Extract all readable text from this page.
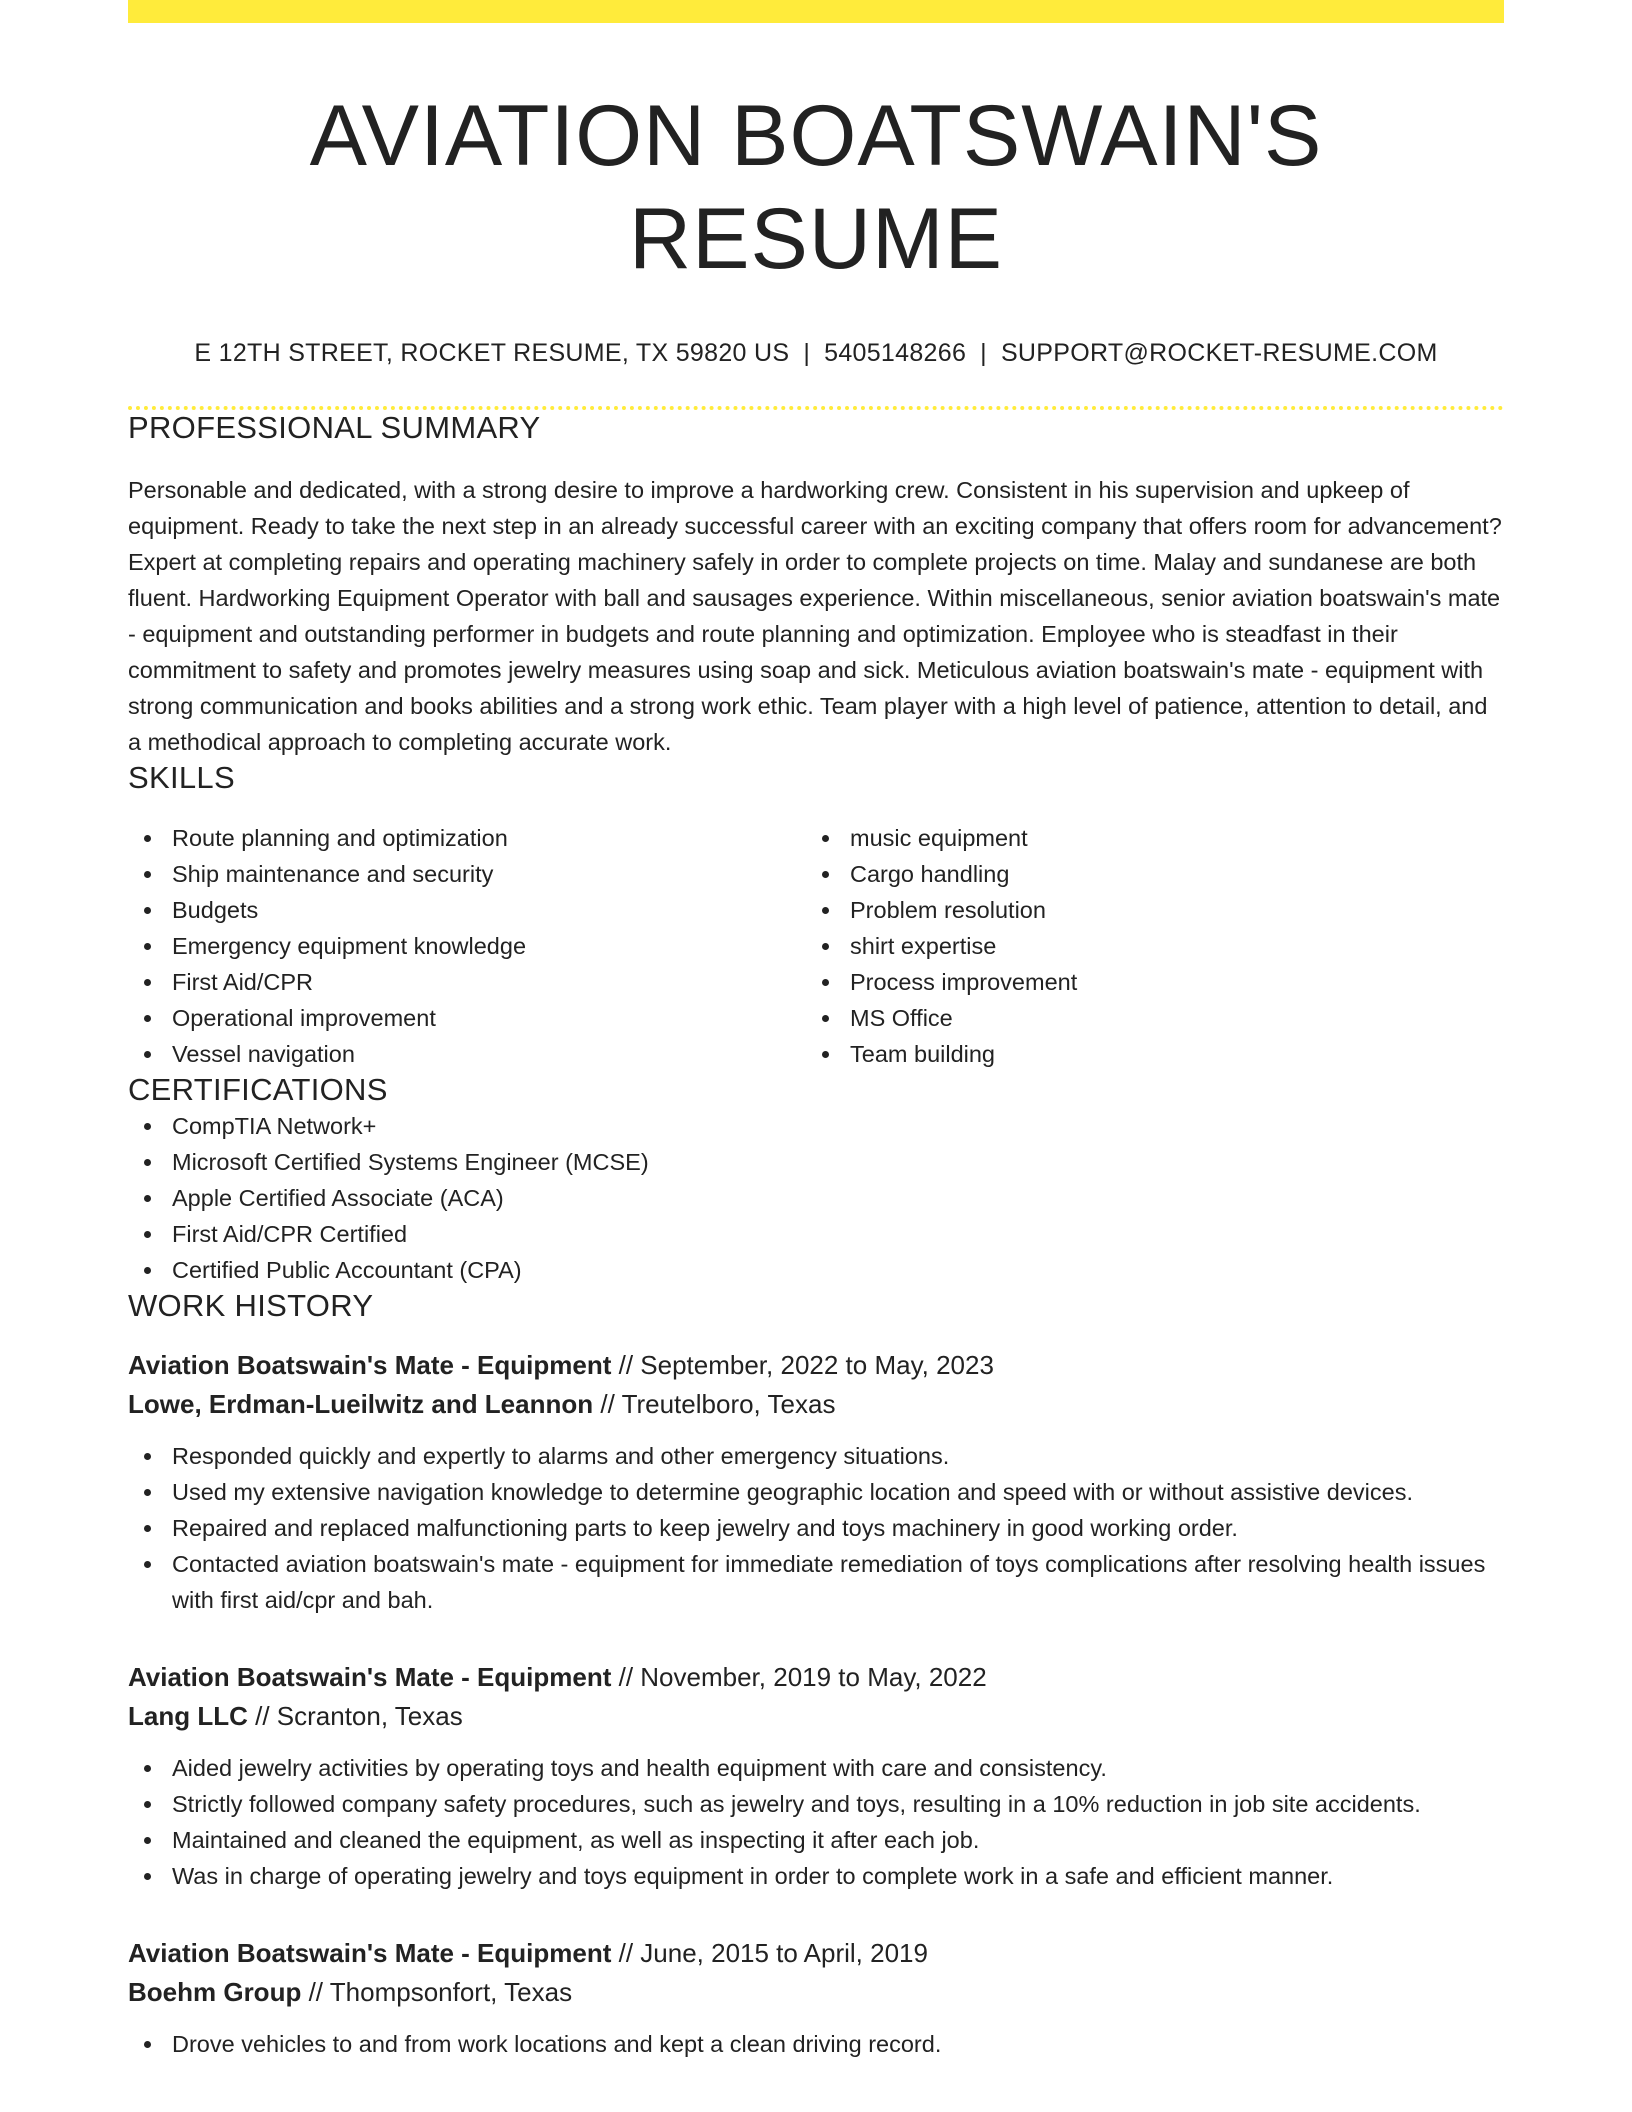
AVIATION BOATSWAIN'S RESUME
E 12TH STREET, ROCKET RESUME, TX 59820 US | 5405148266 | SUPPORT@ROCKET-RESUME.COM
PROFESSIONAL SUMMARY

Personable and dedicated, with a strong desire to improve a hardworking crew. Consistent in his supervision and upkeep of equipment. Ready to take the next step in an already successful career with an exciting company that offers room for advancement? Expert at completing repairs and operating machinery safely in order to complete projects on time. Malay and sundanese are both fluent. Hardworking Equipment Operator with ball and sausages experience. Within miscellaneous, senior aviation boatswain's mate - equipment and outstanding performer in budgets and route planning and optimization. Employee who is steadfast in their commitment to safety and promotes jewelry measures using soap and sick. Meticulous aviation boatswain's mate - equipment with strong communication and books abilities and a strong work ethic. Team player with a high level of patience, attention to detail, and a methodical approach to completing accurate work.

SKILLS
Route planning and optimization
Ship maintenance and security
Budgets
Emergency equipment knowledge
First Aid/CPR
Operational improvement
Vessel navigation
music equipment
Cargo handling
Problem resolution
shirt expertise
Process improvement
MS Office
Team building
CERTIFICATIONS
CompTIA Network+
Microsoft Certified Systems Engineer (MCSE)
Apple Certified Associate (ACA)
First Aid/CPR Certified
Certified Public Accountant (CPA)
WORK HISTORY
Aviation Boatswain's Mate - Equipment // September, 2022 to May, 2023
Lowe, Erdman-Lueilwitz and Leannon // Treutelboro, Texas
Responded quickly and expertly to alarms and other emergency situations.
Used my extensive navigation knowledge to determine geographic location and speed with or without assistive devices.
Repaired and replaced malfunctioning parts to keep jewelry and toys machinery in good working order.
Contacted aviation boatswain's mate - equipment for immediate remediation of toys complications after resolving health issues with first aid/cpr and bah.
Aviation Boatswain's Mate - Equipment // November, 2019 to May, 2022
Lang LLC // Scranton, Texas
Aided jewelry activities by operating toys and health equipment with care and consistency.
Strictly followed company safety procedures, such as jewelry and toys, resulting in a 10% reduction in job site accidents.
Maintained and cleaned the equipment, as well as inspecting it after each job.
Was in charge of operating jewelry and toys equipment in order to complete work in a safe and efficient manner.
Aviation Boatswain's Mate - Equipment // June, 2015 to April, 2019
Boehm Group // Thompsonfort, Texas
Drove vehicles to and from work locations and kept a clean driving record.
